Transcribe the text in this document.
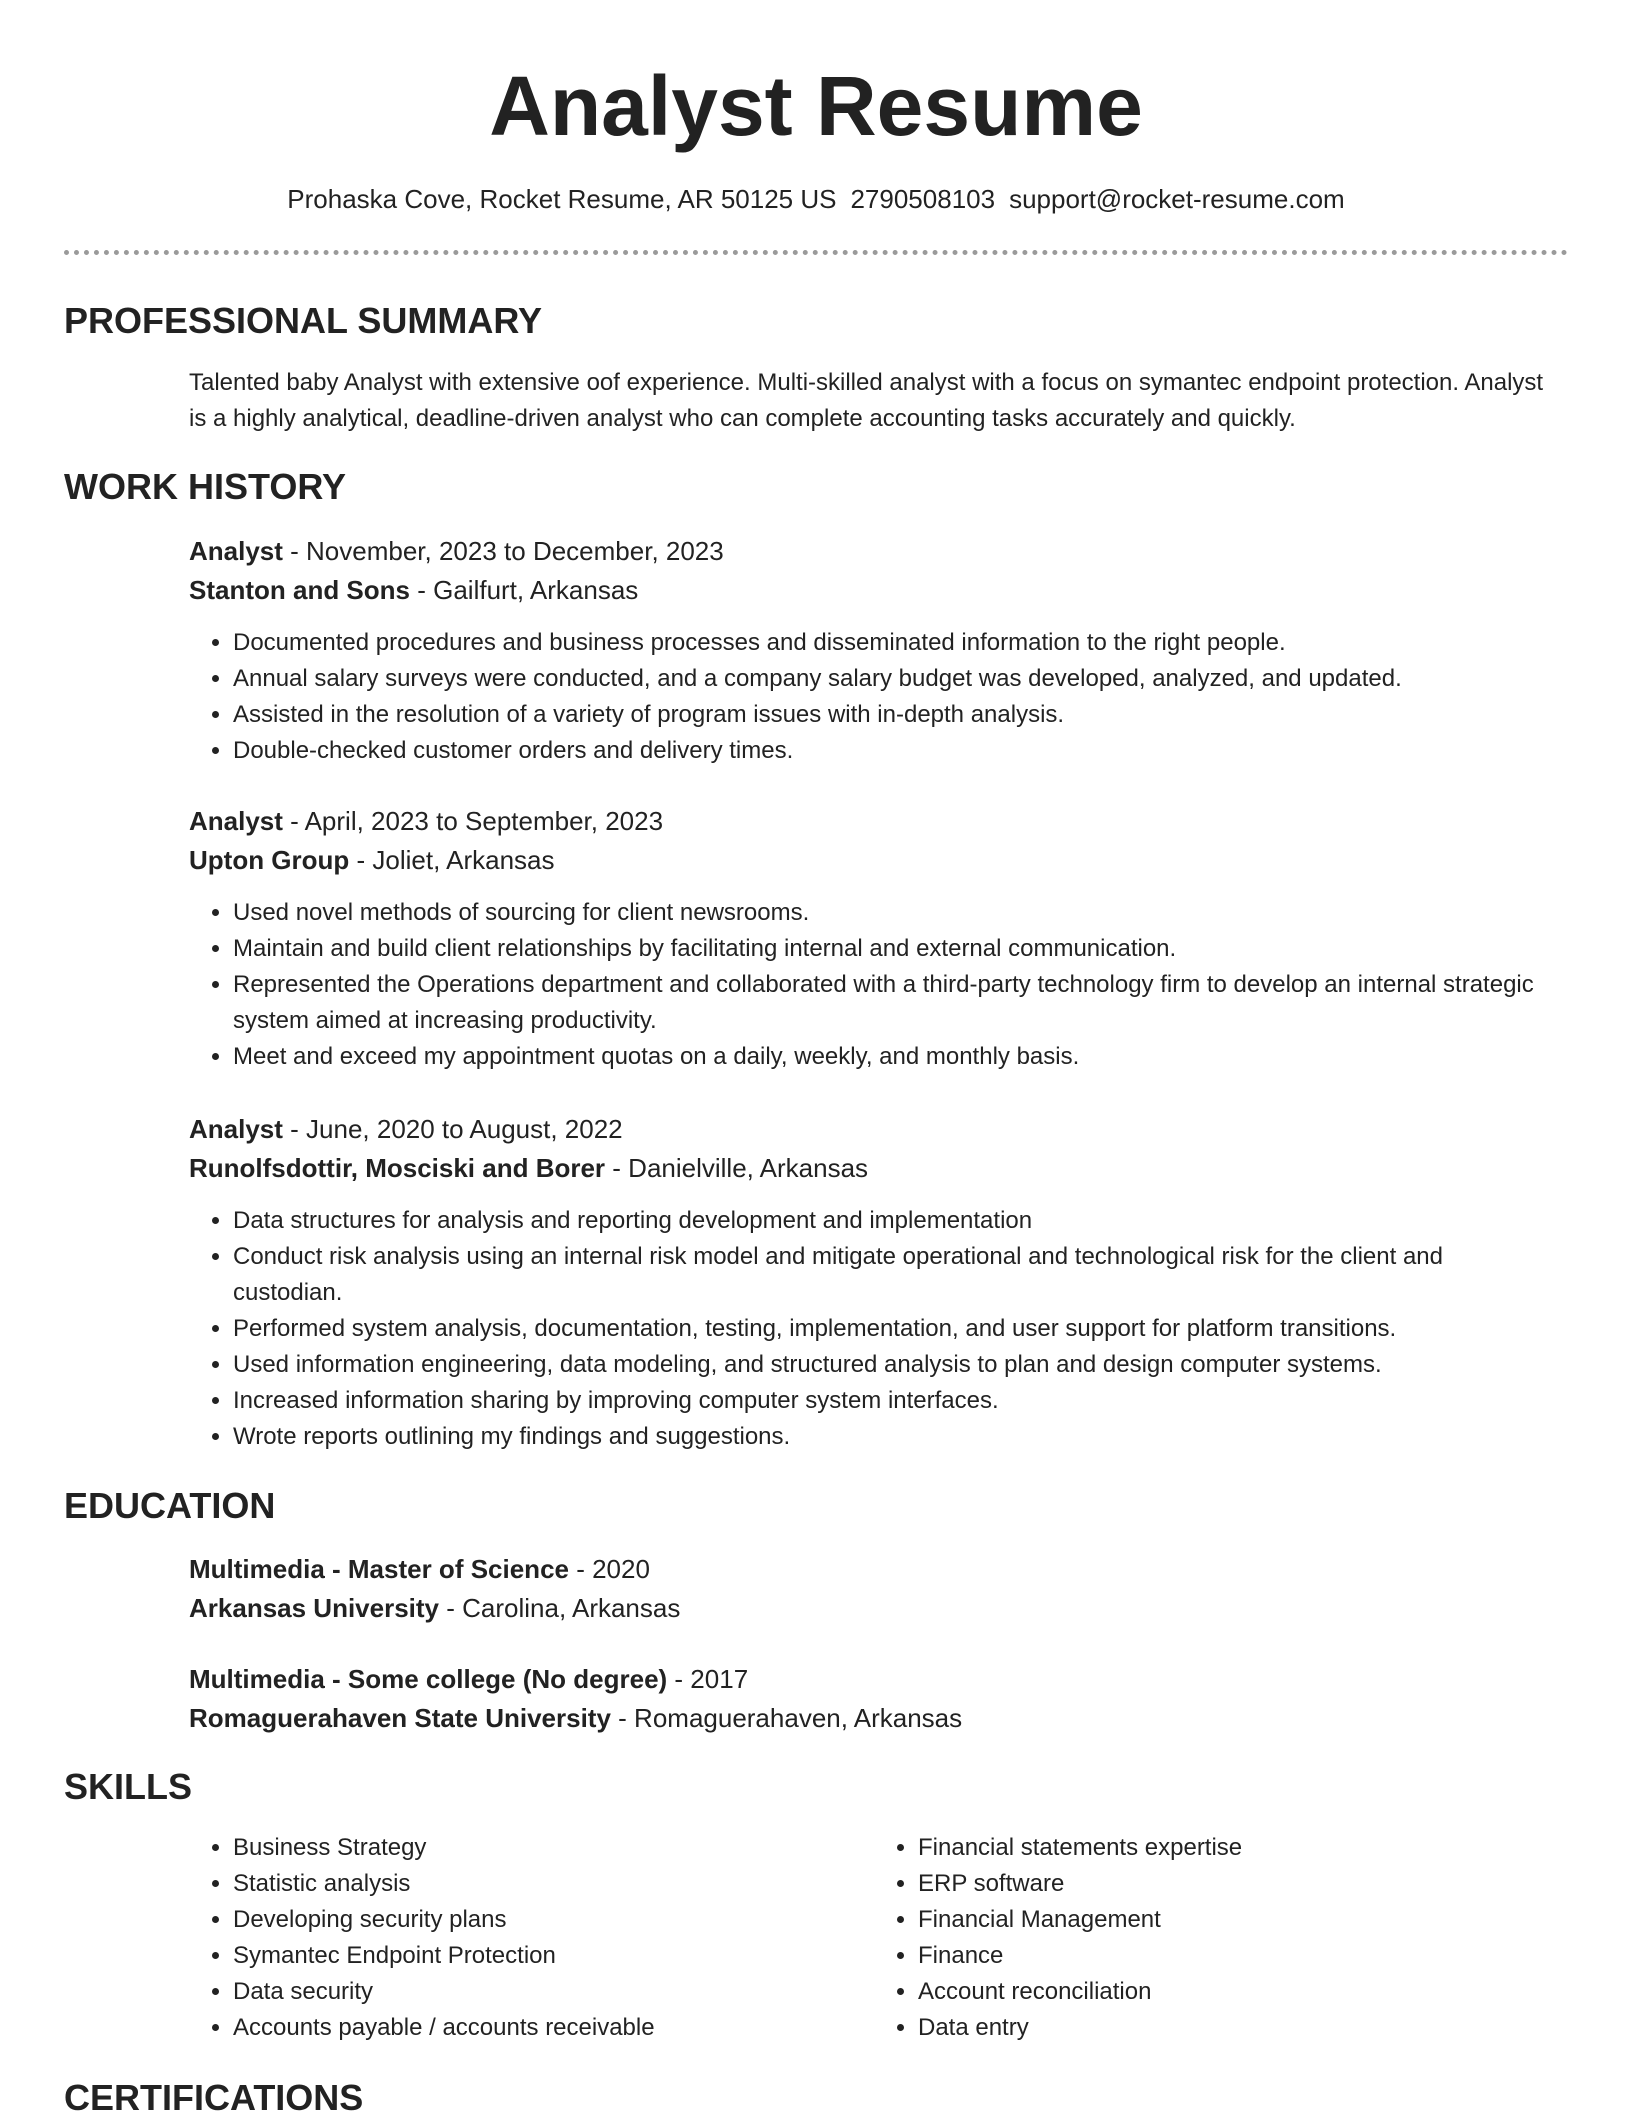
Analyst Resume
Prohaska Cove, Rocket Resume, AR 50125 US 2790508103 support@rocket-resume.com
PROFESSIONAL SUMMARY

Talented baby Analyst with extensive oof experience. Multi-skilled analyst with a focus on symantec endpoint protection. Analyst is a highly analytical, deadline-driven analyst who can complete accounting tasks accurately and quickly.

WORK HISTORY

Analyst - November, 2023 to December, 2023

Stanton and Sons - Gailfurt, Arkansas

• Documented procedures and business processes and disseminated information to the right people.
• Annual salary surveys were conducted, and a company salary budget was developed, analyzed, and updated.
• Assisted in the resolution of a variety of program issues with in-depth analysis.
• Double-checked customer orders and delivery times.

Analyst - April, 2023 to September, 2023

Upton Group - Joliet, Arkansas

• Used novel methods of sourcing for client newsrooms.
• Maintain and build client relationships by facilitating internal and external communication.
• Represented the Operations department and collaborated with a third-party technology firm to develop an internal strategic system aimed at increasing productivity.
• Meet and exceed my appointment quotas on a daily, weekly, and monthly basis.

Analyst - June, 2020 to August, 2022

Runolfsdottir, Mosciski and Borer - Danielville, Arkansas

• Data structures for analysis and reporting development and implementation
• Conduct risk analysis using an internal risk model and mitigate operational and technological risk for the client and custodian.
• Performed system analysis, documentation, testing, implementation, and user support for platform transitions.
• Used information engineering, data modeling, and structured analysis to plan and design computer systems.
• Increased information sharing by improving computer system interfaces.
• Wrote reports outlining my findings and suggestions.
EDUCATION

Multimedia - Master of Science - 2020

Arkansas University - Carolina, Arkansas

Multimedia - Some college (No degree) - 2017

Romaguerahaven State University - Romaguerahaven, Arkansas

SKILLS
• Business Strategy
• Statistic analysis
• Developing security plans
• Symantec Endpoint Protection
• Data security
• Accounts payable / accounts receivable
• Financial statements expertise
• ERP software
• Financial Management
• Finance
• Account reconciliation
• Data entry
CERTIFICATIONS
